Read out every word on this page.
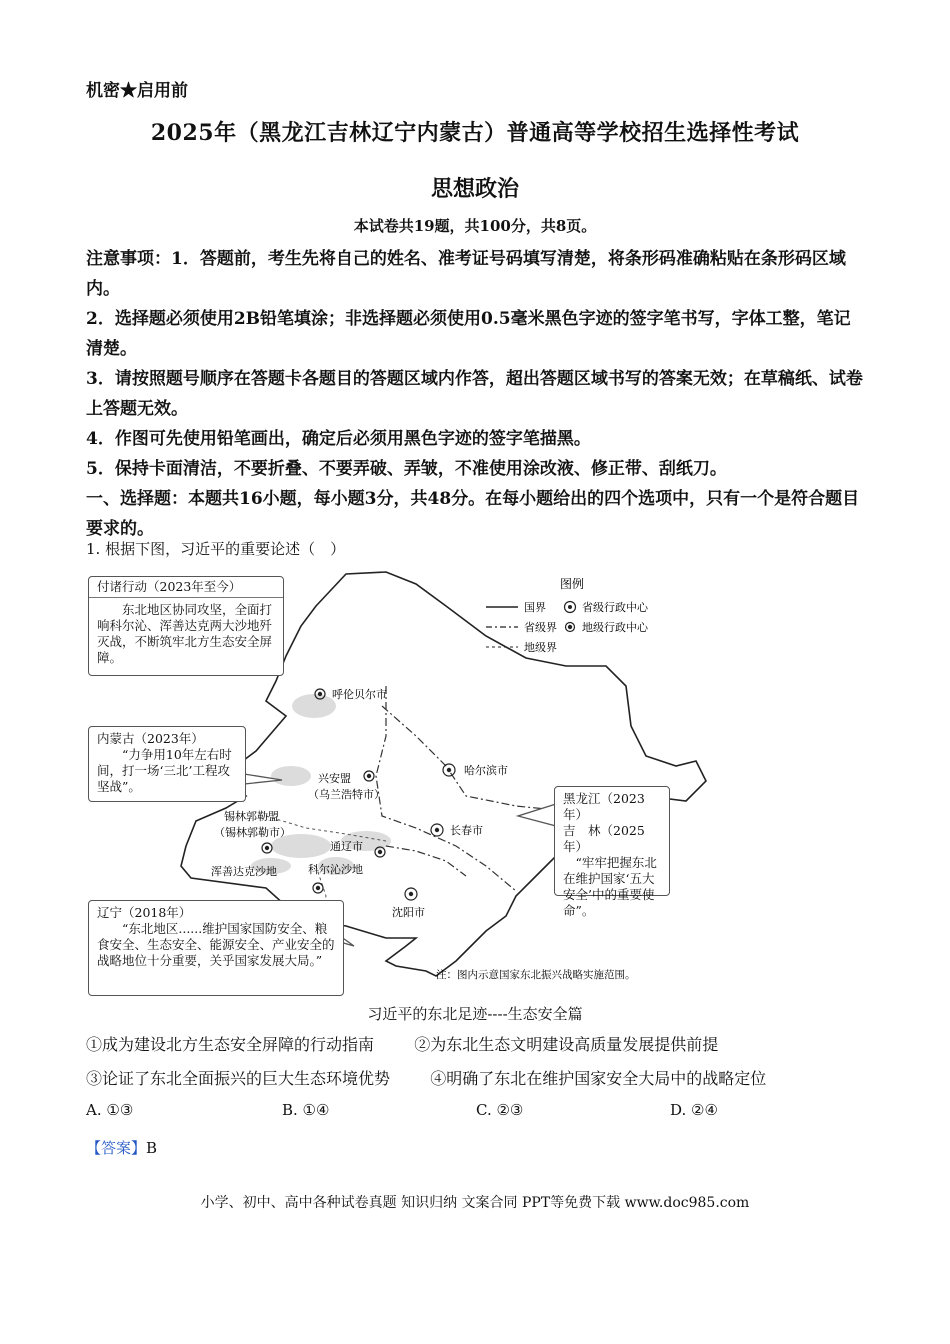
机密★启用前
2025年（黑龙江吉林辽宁内蒙古）普通高等学校招生选择性考试
思想政治
本试卷共19题，共100分，共8页。

注意事项：1．答题前，考生先将自己的姓名、准考证号码填写清楚，将条形码准确粘贴在条形码区域内。

2．选择题必须使用2B铅笔填涂；非选择题必须使用0.5毫米黑色字迹的签字笔书写，字体工整，笔记清楚。

3．请按照题号顺序在答题卡各题目的答题区域内作答，超出答题区域书写的答案无效；在草稿纸、试卷上答题无效。

4．作图可先使用铅笔画出，确定后必须用黑色字迹的签字笔描黑。

5．保持卡面清洁，不要折叠、不要弄破、弄皱，不准使用涂改液、修正带、刮纸刀。

一、选择题：本题共16小题，每小题3分，共48分。在每小题给出的四个选项中，只有一个是符合题目要求的。

1. 根据下图，习近平的重要论述（　）
图例
国界
省级界
地级界
省级行政中心
地级行政中心
呼伦贝尔市
哈尔滨市
兴安盟
（乌兰浩特市）
长春市
锡林郭勒盟
（锡林郭勒市）
通辽市
浑善达克沙地	科尔沁沙地
沈阳市
注：图内示意国家东北振兴战略实施范围。
付诸行动（2023年至今）
　　东北地区协同攻坚，全面打响科尔沁、浑善达克两大沙地歼灭战，不断筑牢北方生态安全屏障。
内蒙古（2023年）
　　“力争用10年左右时间，打一场‘三北’工程攻坚战”。
黑龙江（2023年）
吉　林（2025年）
　“牢牢把握东北在维护国家‘五大安全’中的重要使命”。
辽宁（2018年）
　　“东北地区......维护国家国防安全、粮食安全、生态安全、能源安全、产业安全的战略地位十分重要，关乎国家发展大局。”
习近平的东北足迹----生态安全篇
①成为建设北方生态安全屏障的行动指南	②为东北生态文明建设高质量发展提供前提
③论证了东北全面振兴的巨大生态环境优势	④明确了东北在维护国家安全大局中的战略定位
A. ①③	B. ①④	C. ②③	D. ②④
【答案】B
小学、初中、高中各种试卷真题 知识归纳 文案合同 PPT等免费下载 www.doc985.com
